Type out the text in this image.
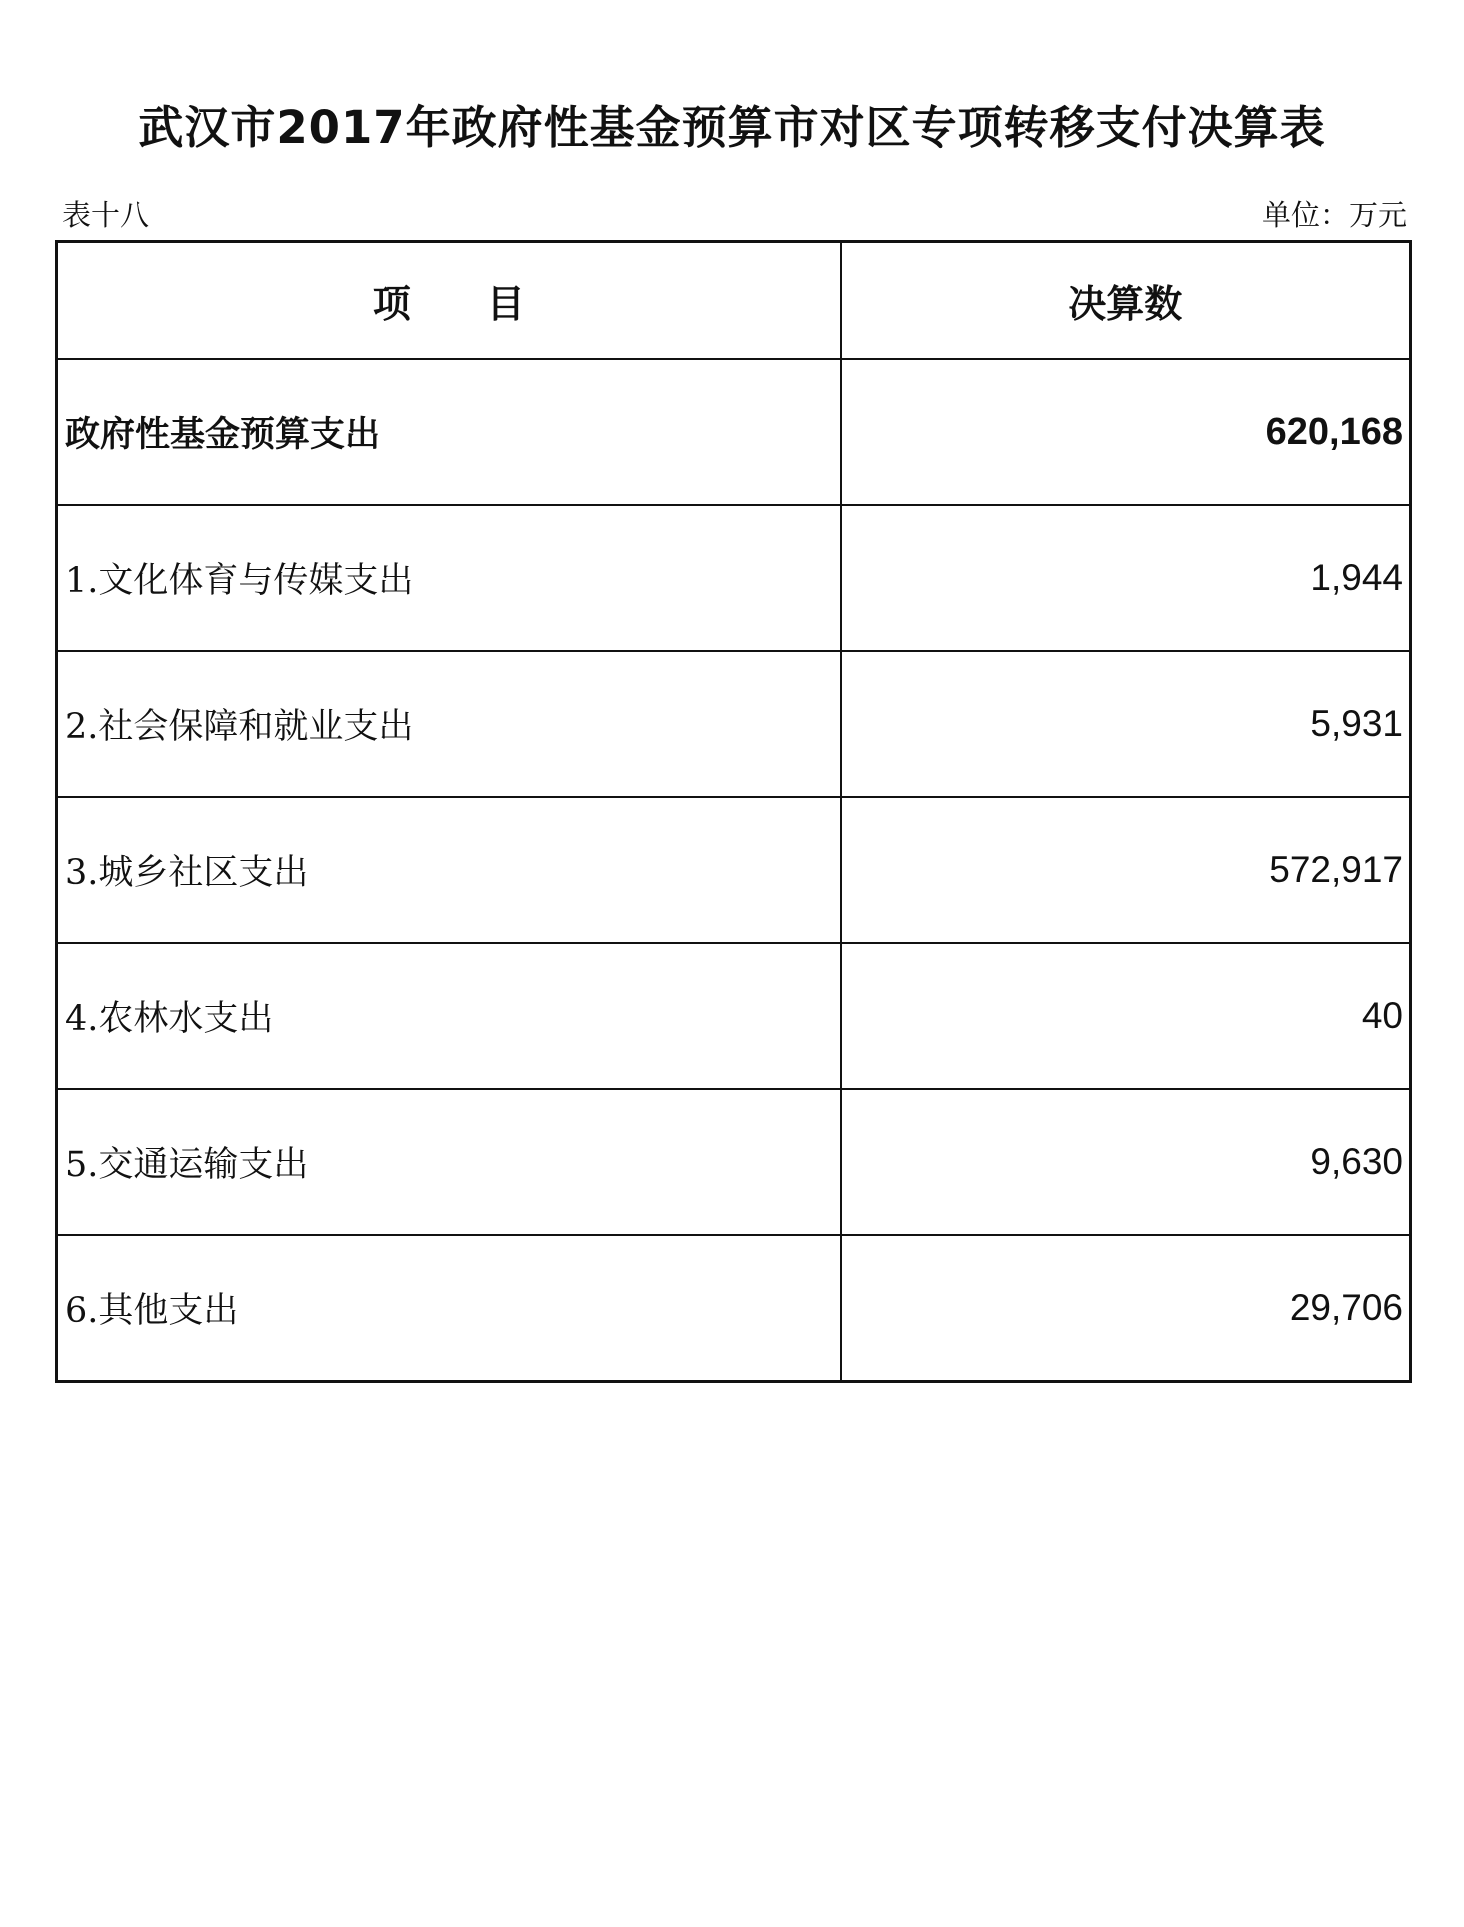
武汉市2017年政府性基金预算市对区专项转移支付决算表
表十八	单位：万元
项　　目	决算数
政府性基金预算支出	620,168
1.文化体育与传媒支出	1,944
2.社会保障和就业支出	5,931
3.城乡社区支出	572,917
4.农林水支出	40
5.交通运输支出	9,630
6.其他支出	29,706
